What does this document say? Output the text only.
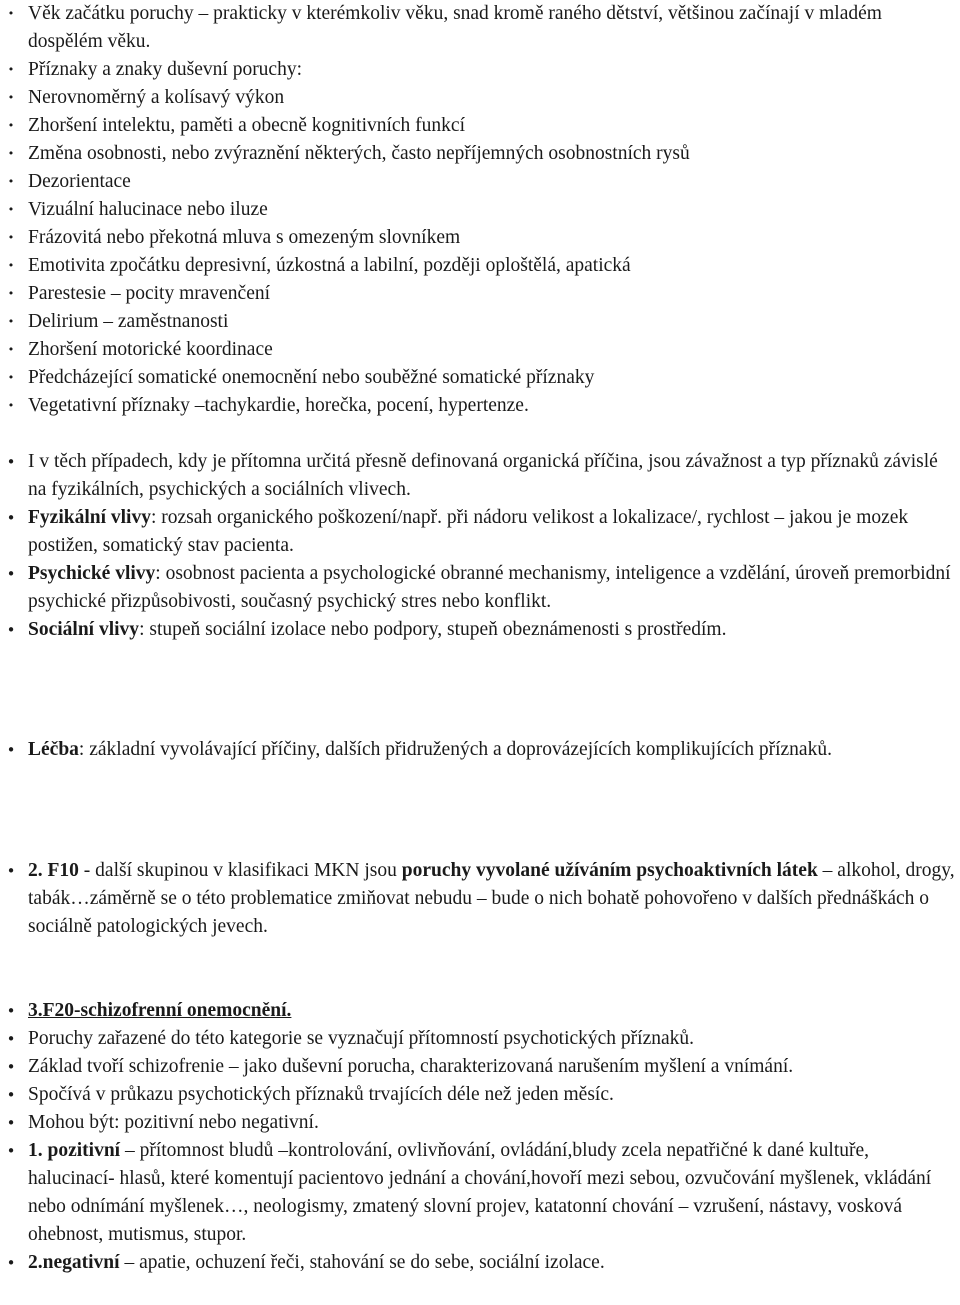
• Věk začátku poruchy – prakticky v kterémkoliv věku, snad kromě raného dětství, většinou začínají v mladém dospělém věku.
• Příznaky a znaky duševní poruchy:
• Nerovnoměrný a kolísavý výkon
• Zhoršení intelektu, paměti a obecně kognitivních funkcí
• Změna osobnosti, nebo zvýraznění některých, často nepříjemných osobnostních rysů
• Dezorientace
• Vizuální halucinace nebo iluze
• Frázovitá nebo překotná mluva s omezeným slovníkem
• Emotivita zpočátku depresivní, úzkostná a labilní, později oploštělá, apatická
• Parestesie – pocity mravenčení
• Delirium – zaměstnanosti
• Zhoršení motorické koordinace
• Předcházející somatické onemocnění nebo souběžné somatické příznaky
• Vegetativní příznaky –tachykardie, horečka, pocení, hypertenze.
• I v těch případech, kdy je přítomna určitá přesně definovaná organická příčina, jsou závažnost a typ příznaků závislé na fyzikálních, psychických a sociálních vlivech.
• Fyzikální vlivy: rozsah organického poškození/např. při nádoru velikost a lokalizace/, rychlost – jakou je mozek postižen, somatický stav pacienta.
• Psychické vlivy: osobnost pacienta a psychologické obranné mechanismy, inteligence a vzdělání, úroveň premorbidní psychické přizpůsobivosti, současný psychický stres nebo konflikt.
• Sociální vlivy: stupeň sociální izolace nebo podpory, stupeň obeznámenosti s prostředím.
• Léčba: základní vyvolávající příčiny, dalších přidružených a doprovázejících komplikujících příznaků.
• 2. F10 - další skupinou v klasifikaci MKN jsou poruchy vyvolané užíváním psychoaktivních látek – alkohol, drogy, tabák…záměrně se o této problematice zmiňovat nebudu – bude o nich bohatě pohovořeno v dalších přednáškách o sociálně patologických jevech.
• 3.F20-schizofrenní onemocnění.
• Poruchy zařazené do této kategorie se vyznačují přítomností psychotických příznaků.
• Základ tvoří schizofrenie – jako duševní porucha, charakterizovaná narušením myšlení a vnímání.
• Spočívá v průkazu psychotických příznaků trvajících déle než jeden měsíc.
• Mohou být: pozitivní nebo negativní.
• 1. pozitivní – přítomnost bludů –kontrolování, ovlivňování, ovládání,bludy zcela nepatřičné k dané kultuře, halucinací- hlasů, které komentují pacientovo jednání a chování,hovoří mezi sebou, ozvučování myšlenek, vkládání nebo odnímání myšlenek…, neologismy, zmatený slovní projev, katatonní chování – vzrušení, nástavy, vosková ohebnost, mutismus, stupor.
• 2.negativní – apatie, ochuzení řeči, stahování se do sebe, sociální izolace.
